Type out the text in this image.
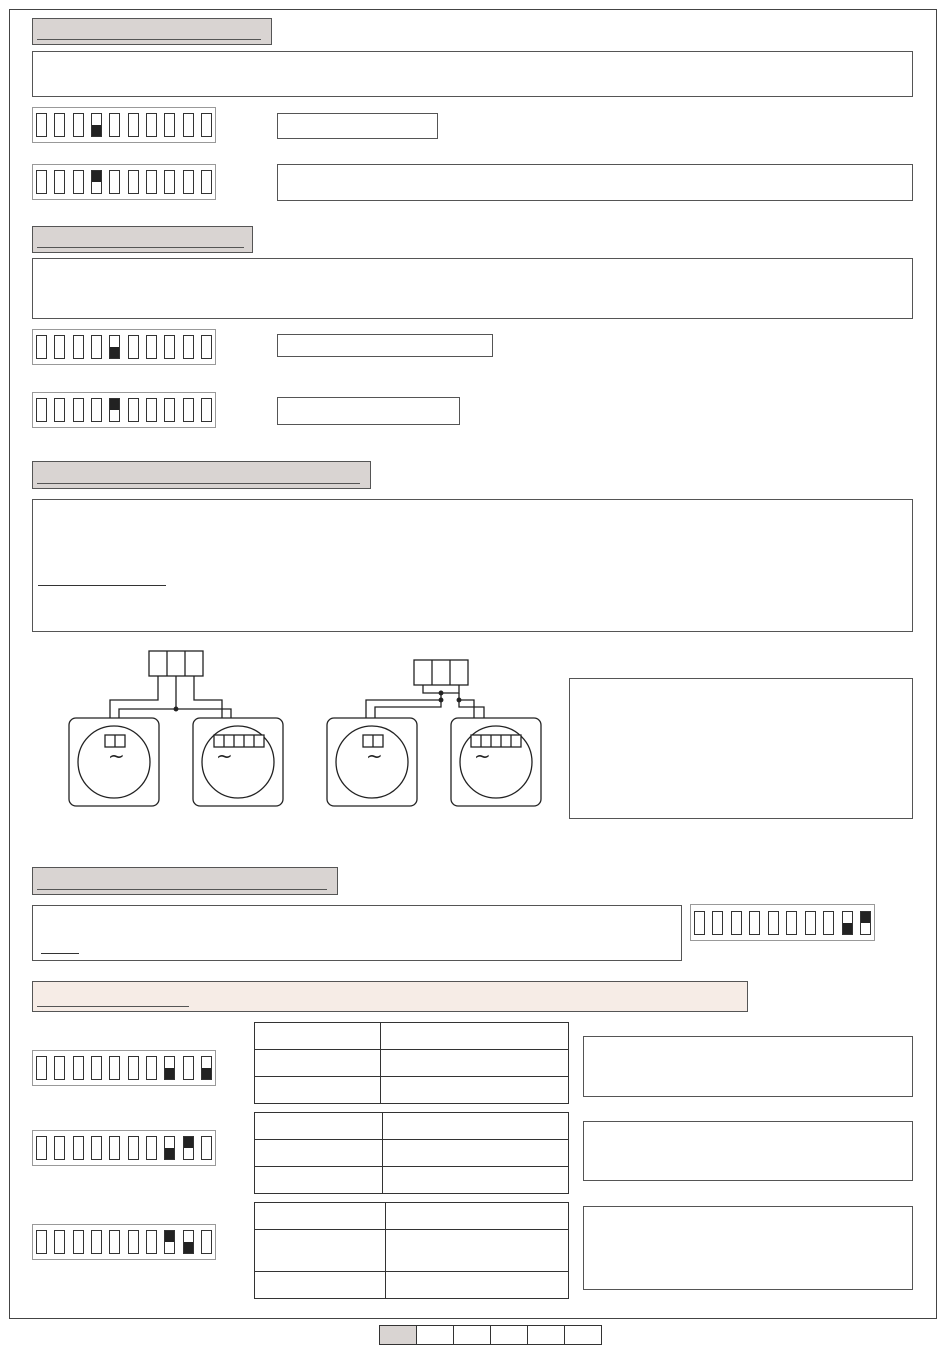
~	~	~	~
